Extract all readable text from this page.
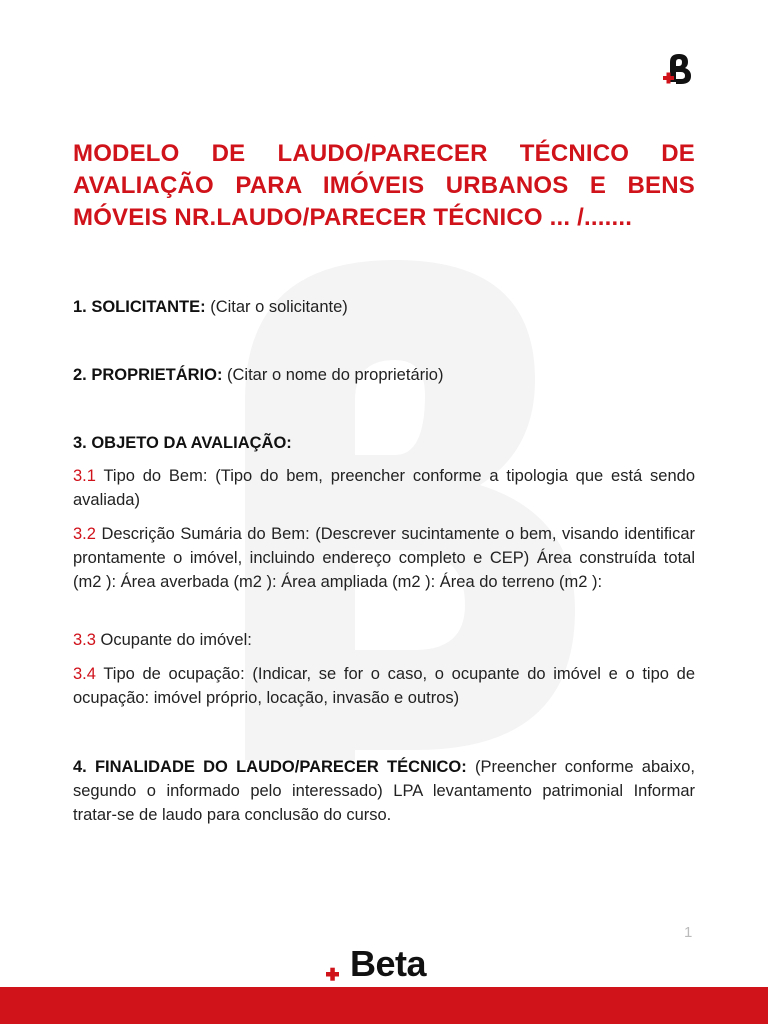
MODELO DE LAUDO/PARECER TÉCNICO DE AVALIAÇÃO PARA IMÓVEIS URBANOS E BENS MÓVEIS NR.LAUDO/PARECER TÉCNICO ... /.......

1. SOLICITANTE: (Citar o solicitante)

2. PROPRIETÁRIO: (Citar o nome do proprietário)

3. OBJETO DA AVALIAÇÃO:

3.1 Tipo do Bem: (Tipo do bem, preencher conforme a tipologia que está sendo avaliada)

3.2 Descrição Sumária do Bem: (Descrever sucintamente o bem, visando identificar prontamente o imóvel, incluindo endereço completo e CEP) Área construída total (m2 ): Área averbada (m2 ): Área ampliada (m2 ): Área do terreno (m2 ):

3.3 Ocupante do imóvel:

3.4 Tipo de ocupação: (Indicar, se for o caso, o ocupante do imóvel e o tipo de ocupação: imóvel próprio, locação, invasão e outros)

4. FINALIDADE DO LAUDO/PARECER TÉCNICO: (Preencher conforme abaixo, segundo o informado pelo interessado) LPA levantamento patrimonial Informar tratar-se de laudo para conclusão do curso.

1
Beta
